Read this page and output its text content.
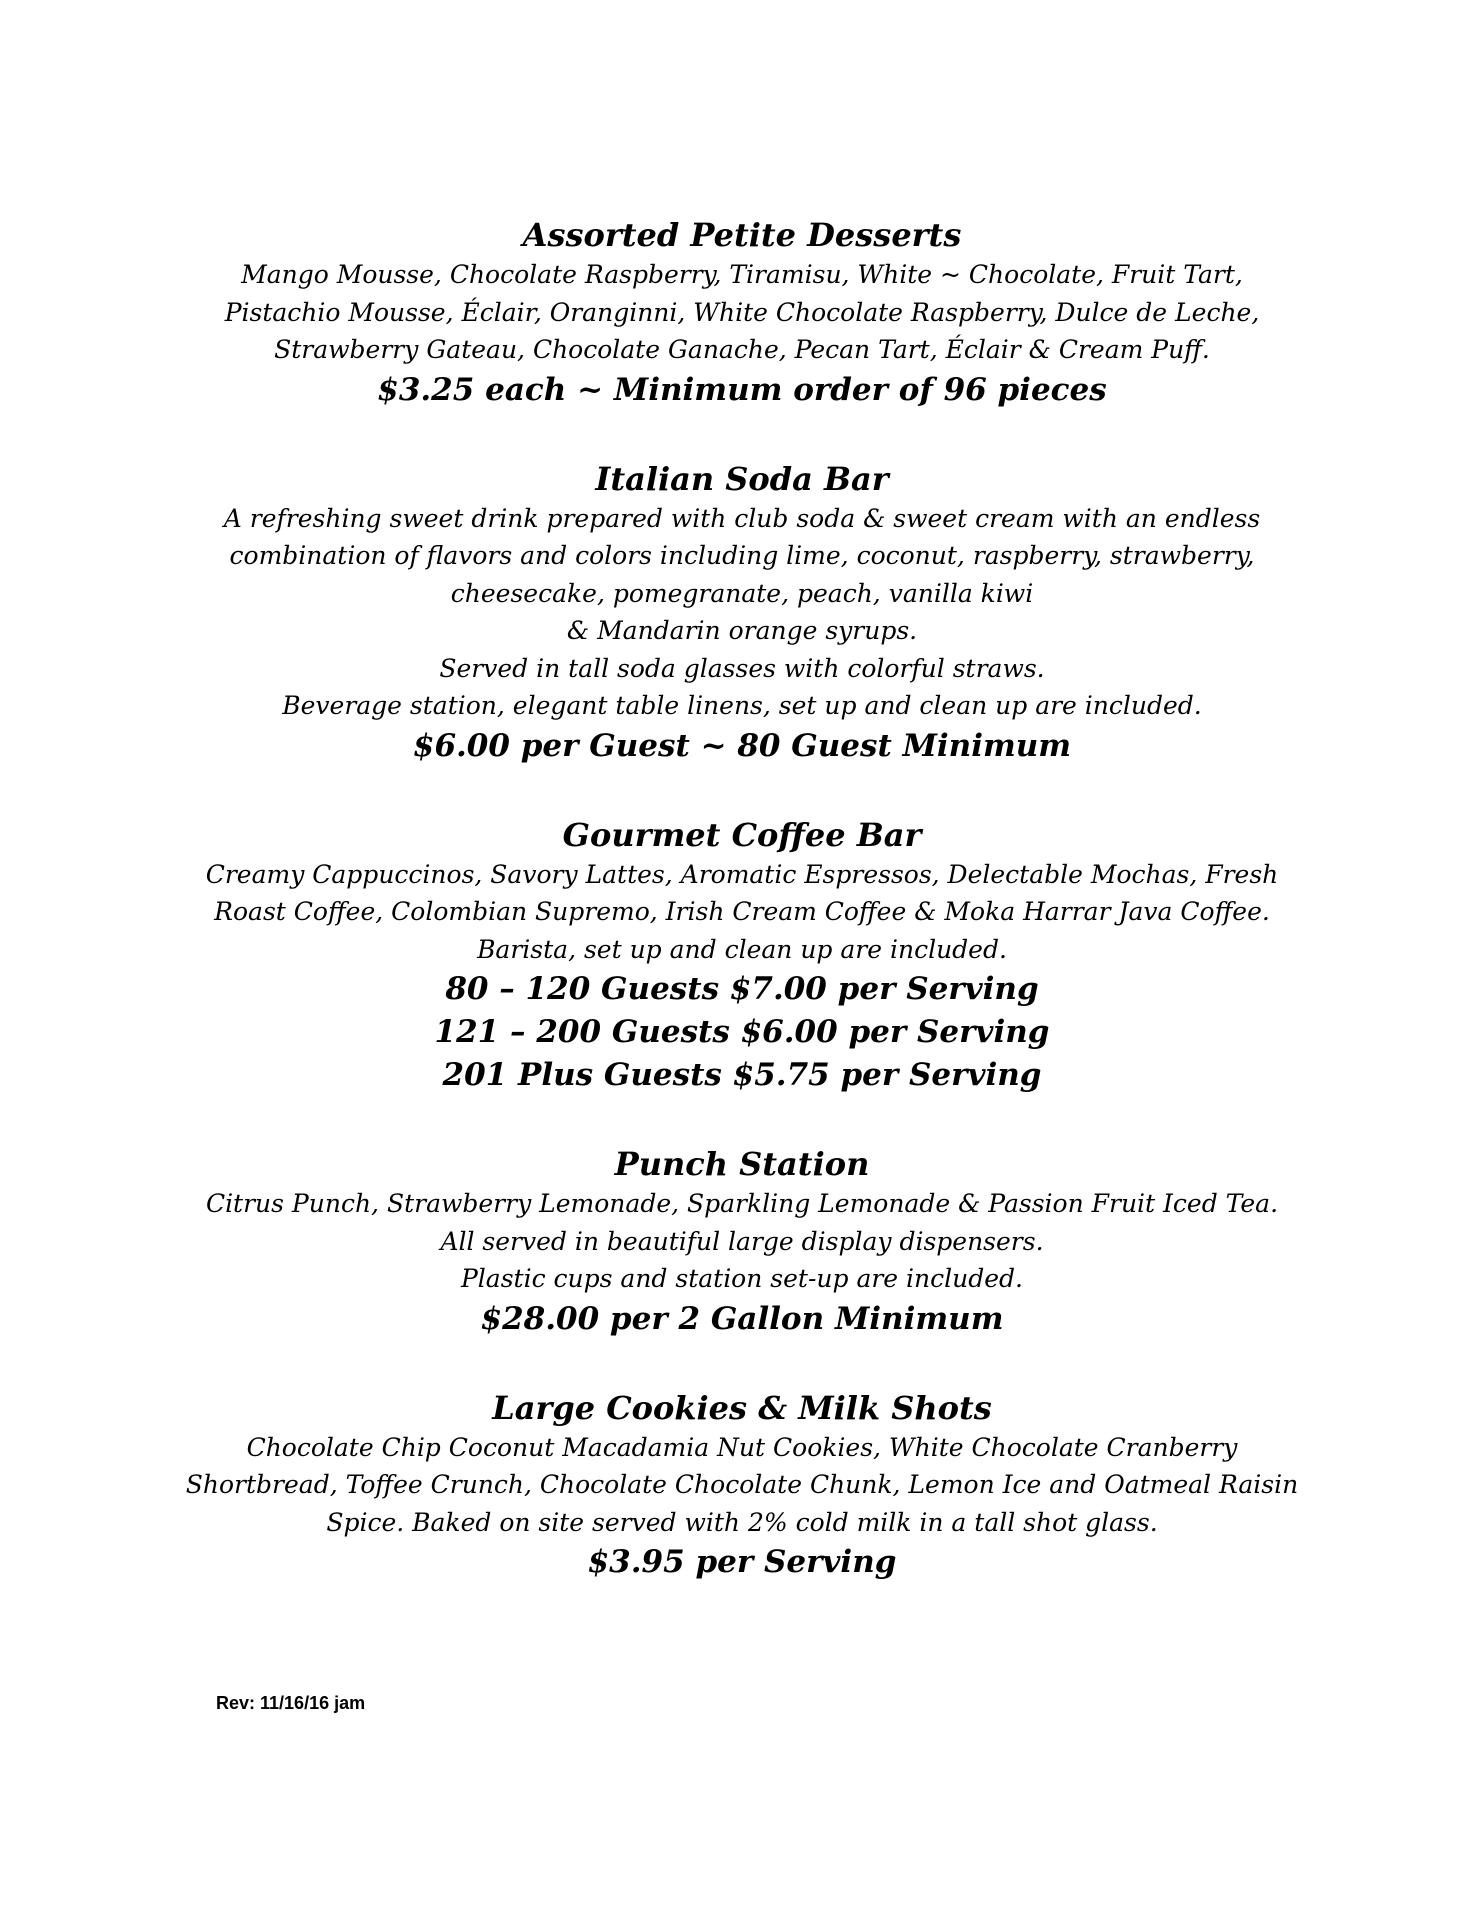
Assorted Petite Desserts
Mango Mousse, Chocolate Raspberry, Tiramisu, White ~ Chocolate, Fruit Tart,
Pistachio Mousse, Éclair, Oranginni, White Chocolate Raspberry, Dulce de Leche,
Strawberry Gateau, Chocolate Ganache, Pecan Tart, Éclair & Cream Puff.
$3.25 each ~ Minimum order of 96 pieces
Italian Soda Bar
A refreshing sweet drink prepared with club soda & sweet cream with an endless
combination of flavors and colors including lime, coconut, raspberry, strawberry,
cheesecake, pomegranate, peach, vanilla kiwi
& Mandarin orange syrups.
Served in tall soda glasses with colorful straws.
Beverage station, elegant table linens, set up and clean up are included.
$6.00 per Guest ~ 80 Guest Minimum
Gourmet Coffee Bar
Creamy Cappuccinos, Savory Lattes, Aromatic Espressos, Delectable Mochas, Fresh
Roast Coffee, Colombian Supremo, Irish Cream Coffee & Moka Harrar Java Coffee.
Barista, set up and clean up are included.
80 – 120 Guests $7.00 per Serving
121 – 200 Guests $6.00 per Serving
201 Plus Guests $5.75 per Serving
Punch Station
Citrus Punch, Strawberry Lemonade, Sparkling Lemonade & Passion Fruit Iced Tea.
All served in beautiful large display dispensers.
Plastic cups and station set-up are included.
$28.00 per 2 Gallon Minimum
Large Cookies & Milk Shots
Chocolate Chip Coconut Macadamia Nut Cookies, White Chocolate Cranberry
Shortbread, Toffee Crunch, Chocolate Chocolate Chunk, Lemon Ice and Oatmeal Raisin
Spice. Baked on site served with 2% cold milk in a tall shot glass.
$3.95 per Serving
Rev: 11/16/16 jam
